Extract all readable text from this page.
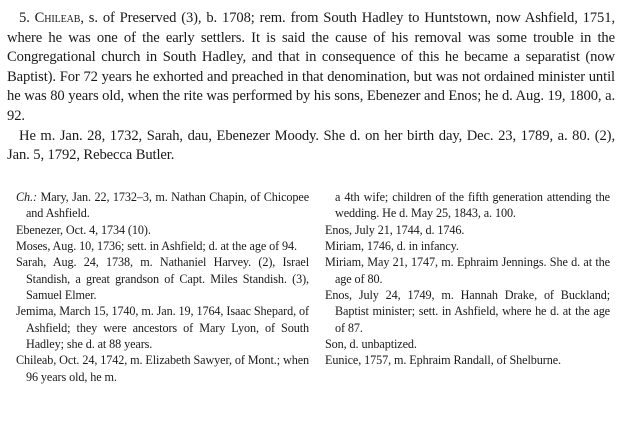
5. Chileab, s. of Preserved (3), b. 1708; rem. from South Hadley to Huntstown, now Ashfield, 1751, where he was one of the early settlers. It is said the cause of his removal was some trouble in the Congregational church in South Hadley, and that in consequence of this he became a separatist (now Baptist). For 72 years he exhorted and preached in that denomination, but was not ordained minister until he was 80 years old, when the rite was performed by his sons, Ebenezer and Enos; he d. Aug. 19, 1800, a. 92.

He m. Jan. 28, 1732, Sarah, dau, Ebenezer Moody. She d. on her birth day, Dec. 23, 1789, a. 80. (2), Jan. 5, 1792, Rebecca Butler.

Ch.: Mary, Jan. 22, 1732–3, m. Nathan Chapin, of Chicopee and Ashfield.
Ebenezer, Oct. 4, 1734 (10).
Moses, Aug. 10, 1736; sett. in Ashfield; d. at the age of 94.
Sarah, Aug. 24, 1738, m. Nathaniel Harvey. (2), Israel Standish, a great grandson of Capt. Miles Standish. (3), Samuel Elmer.
Jemima, March 15, 1740, m. Jan. 19, 1764, Isaac Shepard, of Ashfield; they were ancestors of Mary Lyon, of South Hadley; she d. at 88 years.
Chileab, Oct. 24, 1742, m. Elizabeth Sawyer, of Mont.; when 96 years old, he m.
a 4th wife; children of the fifth generation attending the wedding. He d. May 25, 1843, a. 100.
Enos, July 21, 1744, d. 1746.
Miriam, 1746, d. in infancy.
Miriam, May 21, 1747, m. Ephraim Jennings. She d. at the age of 80.
Enos, July 24, 1749, m. Hannah Drake, of Buckland; Baptist minister; sett. in Ashfield, where he d. at the age of 87.
Son, d. unbaptized.
Eunice, 1757, m. Ephraim Randall, of Shelburne.
